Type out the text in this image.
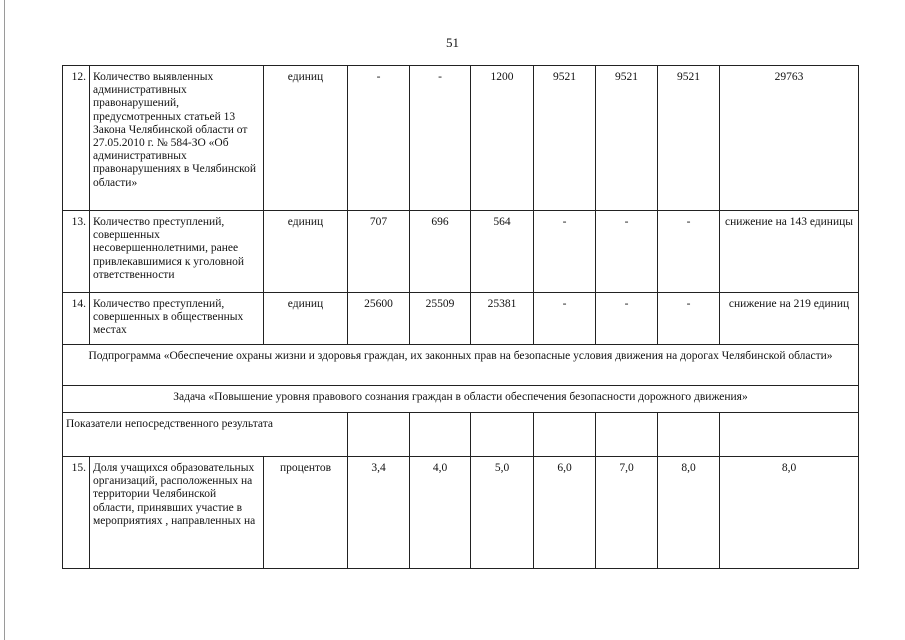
51
12.	Количество выявленных административных правонарушений, предусмотренных статьей 13 Закона Челябинской области от 27.05.2010 г. № 584-ЗО «Об административных правонарушениях в Челябинской области»	единиц	-	-	1200	9521	9521	9521	29763
13.	Количество преступлений, совершенных несовершеннолетними, ранее привлекавшимися к уголовной ответственности	единиц	707	696	564	-	-	-	снижение на 143 единицы
14.	Количество преступлений, совершенных в общественных местах	единиц	25600	25509	25381	-	-	-	снижение на 219 единиц
Подпрограмма «Обеспечение охраны жизни и здоровья граждан, их законных прав на безопасные условия движения на дорогах Челябинской области»									
Задача «Повышение уровня правового сознания граждан в области обеспечения безопасности дорожного движения»									
Показатели непосредственного результата									
15.	Доля учащихся образовательных организаций, расположенных на территории Челябинской области, принявших участие в мероприятиях , направленных на	процентов	3,4	4,0	5,0	6,0	7,0	8,0	8,0
